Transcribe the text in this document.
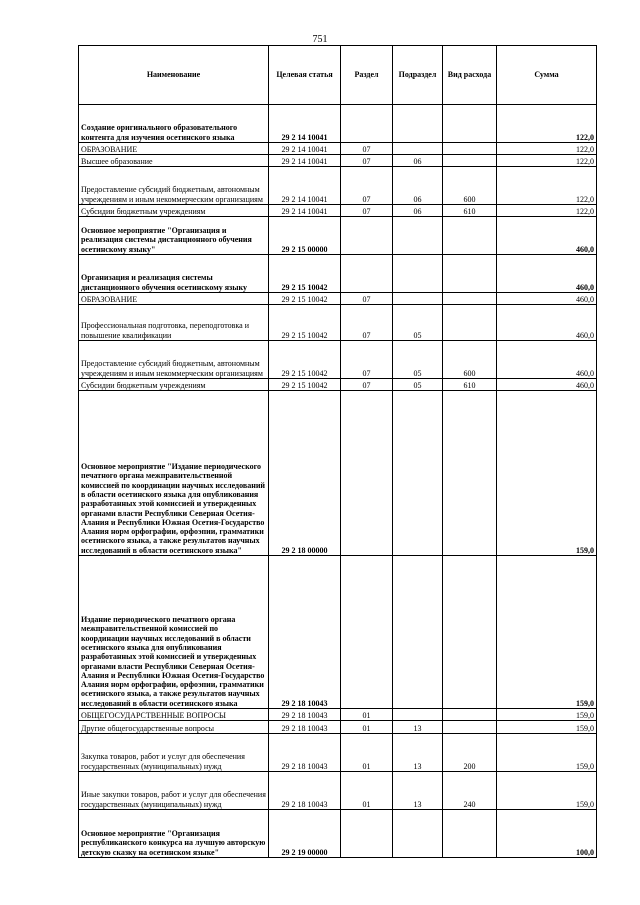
751
Наименование	Целевая статья	Раздел	Подраздел	Вид расхода	Сумма
Создание оригинального образовательного контента для изучения осетинского языка	29 2 14 10041				122,0
ОБРАЗОВАНИЕ	29 2 14 10041	07			122,0
Высшее образование	29 2 14 10041	07	06		122,0
Предоставление субсидий бюджетным, автономным учреждениям и иным некоммерческим организациям	29 2 14 10041	07	06	600	122,0
Субсидии бюджетным учреждениям	29 2 14 10041	07	06	610	122,0
Основное мероприятие "Организация и реализация системы дистанционного обучения осетинскому языку"	29 2 15 00000				460,0
Организация и реализация системы дистанционного обучения осетинскому языку	29 2 15 10042				460,0
ОБРАЗОВАНИЕ	29 2 15 10042	07			460,0
Профессиональная подготовка, переподготовка и повышение квалификации	29 2 15 10042	07	05		460,0
Предоставление субсидий бюджетным, автономным учреждениям и иным некоммерческим организациям	29 2 15 10042	07	05	600	460,0
Субсидии бюджетным учреждениям	29 2 15 10042	07	05	610	460,0
Основное мероприятие "Издание периодического печатного органа межправительственной комиссией по координации научных исследований в области осетинского языка для опубликования разработанных этой комиссией и утвержденных органами власти Республики Северная Осетия-Алания и Республики Южная Осетия-Государство Алания норм орфографии, орфоэпии, грамматики осетинского языка, а также результатов научных исследований в области осетинского языка"	29 2 18 00000				159,0
Издание периодического печатного органа межправительственной комиссией по координации научных исследований в области осетинского языка для опубликования разработанных этой комиссией и утвержденных органами власти Республики Северная Осетия-Алания и Республики Южная Осетия-Государство Алания норм орфографии, орфоэпии, грамматики осетинского языка, а также результатов научных исследований в области осетинского языка	29 2 18 10043				159,0
ОБЩЕГОСУДАРСТВЕННЫЕ ВОПРОСЫ	29 2 18 10043	01			159,0
Другие общегосударственные вопросы	29 2 18 10043	01	13		159,0
Закупка товаров, работ и услуг для обеспечения государственных (муниципальных) нужд	29 2 18 10043	01	13	200	159,0
Иные закупки товаров, работ и услуг для обеспечения государственных (муниципальных) нужд	29 2 18 10043	01	13	240	159,0
Основное мероприятие "Организация республиканского конкурса на лучшую авторскую детскую сказку на осетинском языке"	29 2 19 00000				100,0
